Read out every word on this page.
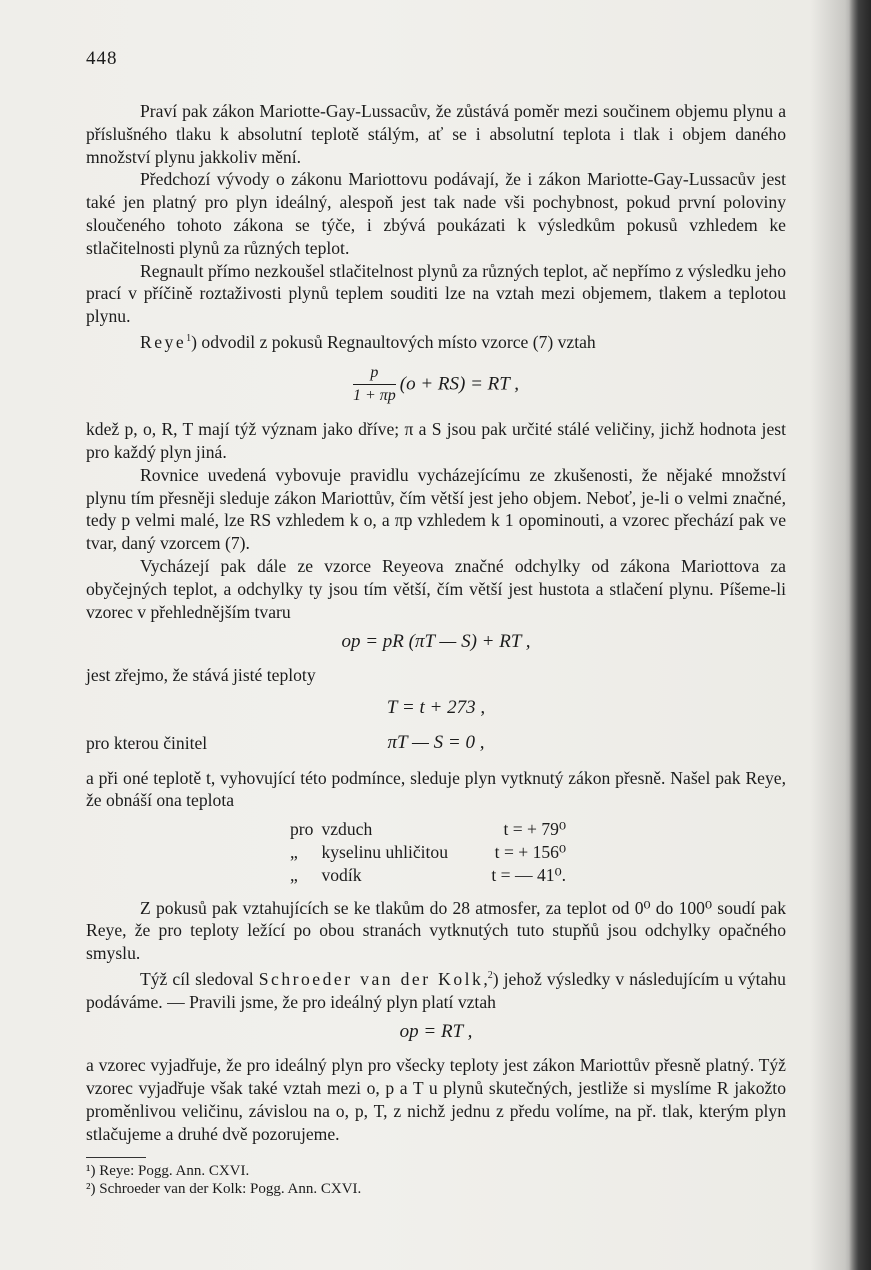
448

Praví pak zákon Mariotte-Gay-Lussacův, že zůstává poměr mezi součinem objemu plynu a příslušného tlaku k absolutní teplotě stálým, ať se i absolutní teplota i tlak i objem daného množství plynu jakkoliv mění.

Předchozí vývody o zákonu Mariottovu podávají, že i zákon Mariotte-Gay-Lussacův jest také jen platný pro plyn ideálný, alespoň jest tak nade vši pochybnost, pokud první poloviny sloučeného tohoto zákona se týče, i zbývá poukázati k výsledkům pokusů vzhledem ke stlačitelnosti plynů za různých teplot.

Regnault přímo nezkoušel stlačitelnost plynů za různých teplot, ač nepřímo z výsledku jeho prací v příčině roztaživosti plynů teplem souditi lze na vztah mezi objemem, tlakem a teplotou plynu.

Reye$^1$) odvodil z pokusů Regnaultových místo vzorce (7) vztah

$\frac{p}{1 + \pi p} (o + RS)$ = RT ,

kdež p, o, R, T mají týž význam jako dříve; π a S jsou pak určité stálé veličiny, jichž hodnota jest pro každý plyn jiná.

Rovnice uvedená vybovuje pravidlu vycházejícímu ze zkušenosti, že nějaké množství plynu tím přesněji sleduje zákon Mariottův, čím větší jest jeho objem. Neboť, je-li o velmi značné, tedy p velmi malé, lze RS vzhledem k o, a πp vzhledem k 1 opominouti, a vzorec přechází pak ve tvar, daný vzorcem (7).

Vycházejí pak dále ze vzorce Reyeova značné odchylky od zákona Mariottova za obyčejných teplot, a odchylky ty jsou tím větší, čím větší jest hustota a stlačení plynu. Píšeme-li vzorec v přehlednějším tvaru

op = pR (πT — S) + RT ,

jest zřejmo, že stává jisté teploty

T = t + 273 ,
pro kterou činitel	πT — S = 0 ,

a při oné teplotě t, vyhovující této podmínce, sleduje plyn vytknutý zákon přesně. Našel pak Reye, že obnáší ona teplota

pro	vzduch	t = + 79⁰
„	kyselinu uhličitou	t = + 156⁰
„	vodík	t = — 41⁰.

Z pokusů pak vztahujících se ke tlakům do 28 atmosfer, za teplot od 0⁰ do 100⁰ soudí pak Reye, že pro teploty ležící po obou stranách vytknutých tuto stupňů jsou odchylky opačného smyslu.

Týž cíl sledoval Schroeder van der Kolk,$^2$) jehož výsledky v následujícím u výtahu podáváme. — Pravili jsme, že pro ideálný plyn platí vztah

op = RT ,

a vzorec vyjadřuje, že pro ideálný plyn pro všecky teploty jest zákon Mariottův přesně platný. Týž vzorec vyjadřuje však také vztah mezi o, p a T u plynů skutečných, jestliže si myslíme R jakožto proměnlivou veličinu, závislou na o, p, T, z nichž jednu z předu volíme, na př. tlak, kterým plyn stlačujeme a druhé dvě pozorujeme.

¹) Reye: Pogg. Ann. CXVI.

²) Schroeder van der Kolk: Pogg. Ann. CXVI.
